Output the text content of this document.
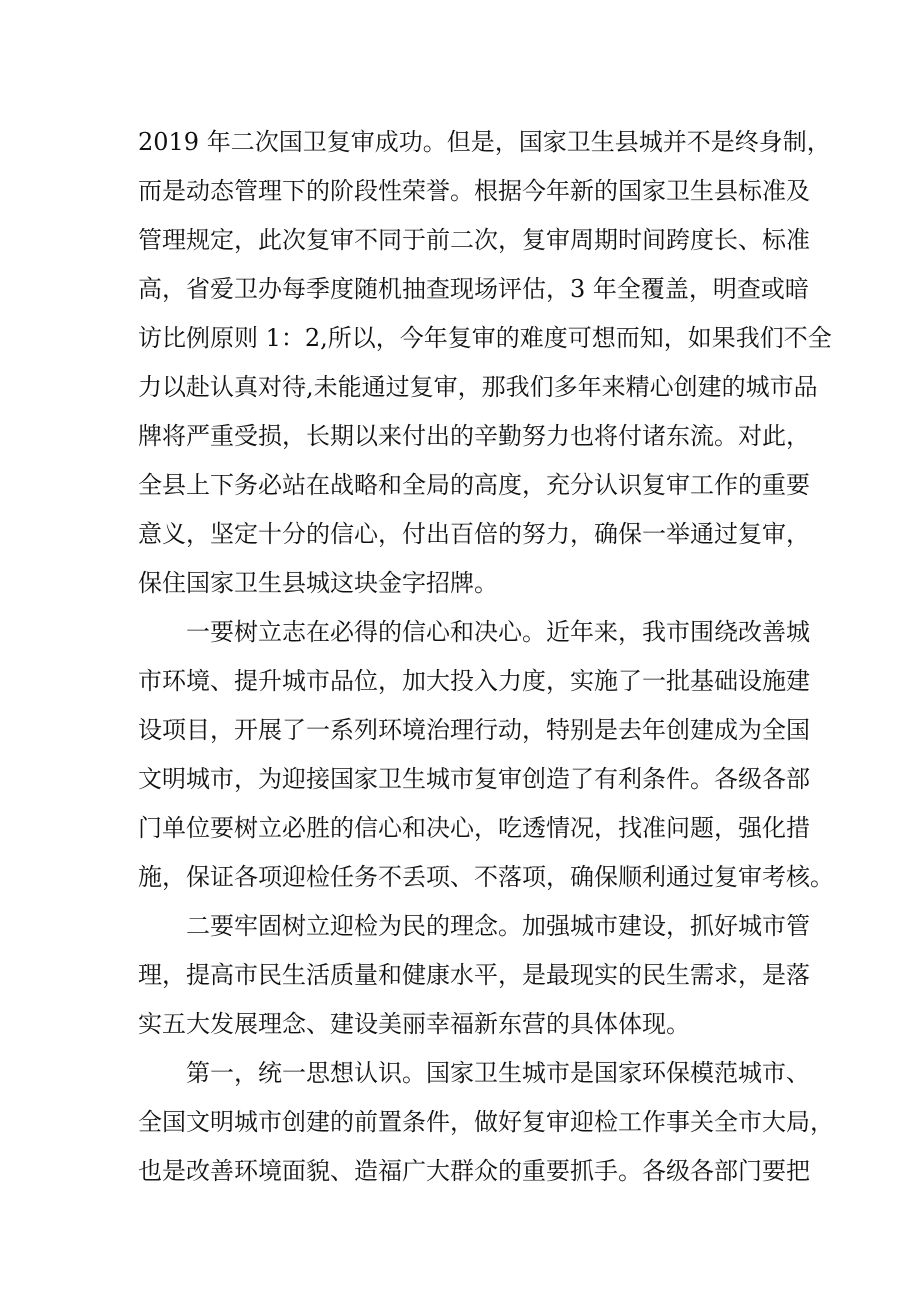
2019 年二次国卫复审成功。但是，国家卫生县城并不是终身制，
而是动态管理下的阶段性荣誉。根据今年新的国家卫生县标准及
管理规定，此次复审不同于前二次，复审周期时间跨度长、标准
高，省爱卫办每季度随机抽查现场评估，3 年全覆盖，明查或暗
访比例原则 1：2,所以，今年复审的难度可想而知，如果我们不全
力以赴认真对待,未能通过复审，那我们多年来精心创建的城市品
牌将严重受损，长期以来付出的辛勤努力也将付诸东流。对此，
全县上下务必站在战略和全局的高度，充分认识复审工作的重要
意义，坚定十分的信心，付出百倍的努力，确保一举通过复审，
保住国家卫生县城这块金字招牌。
一要树立志在必得的信心和决心。近年来，我市围绕改善城
市环境、提升城市品位，加大投入力度，实施了一批基础设施建
设项目，开展了一系列环境治理行动，特别是去年创建成为全国
文明城市，为迎接国家卫生城市复审创造了有利条件。各级各部
门单位要树立必胜的信心和决心，吃透情况，找准问题，强化措
施，保证各项迎检任务不丢项、不落项，确保顺利通过复审考核。
二要牢固树立迎检为民的理念。加强城市建设，抓好城市管
理，提高市民生活质量和健康水平，是最现实的民生需求，是落
实五大发展理念、建设美丽幸福新东营的具体体现。
第一，统一思想认识。国家卫生城市是国家环保模范城市、
全国文明城市创建的前置条件，做好复审迎检工作事关全市大局，
也是改善环境面貌、造福广大群众的重要抓手。各级各部门要把
